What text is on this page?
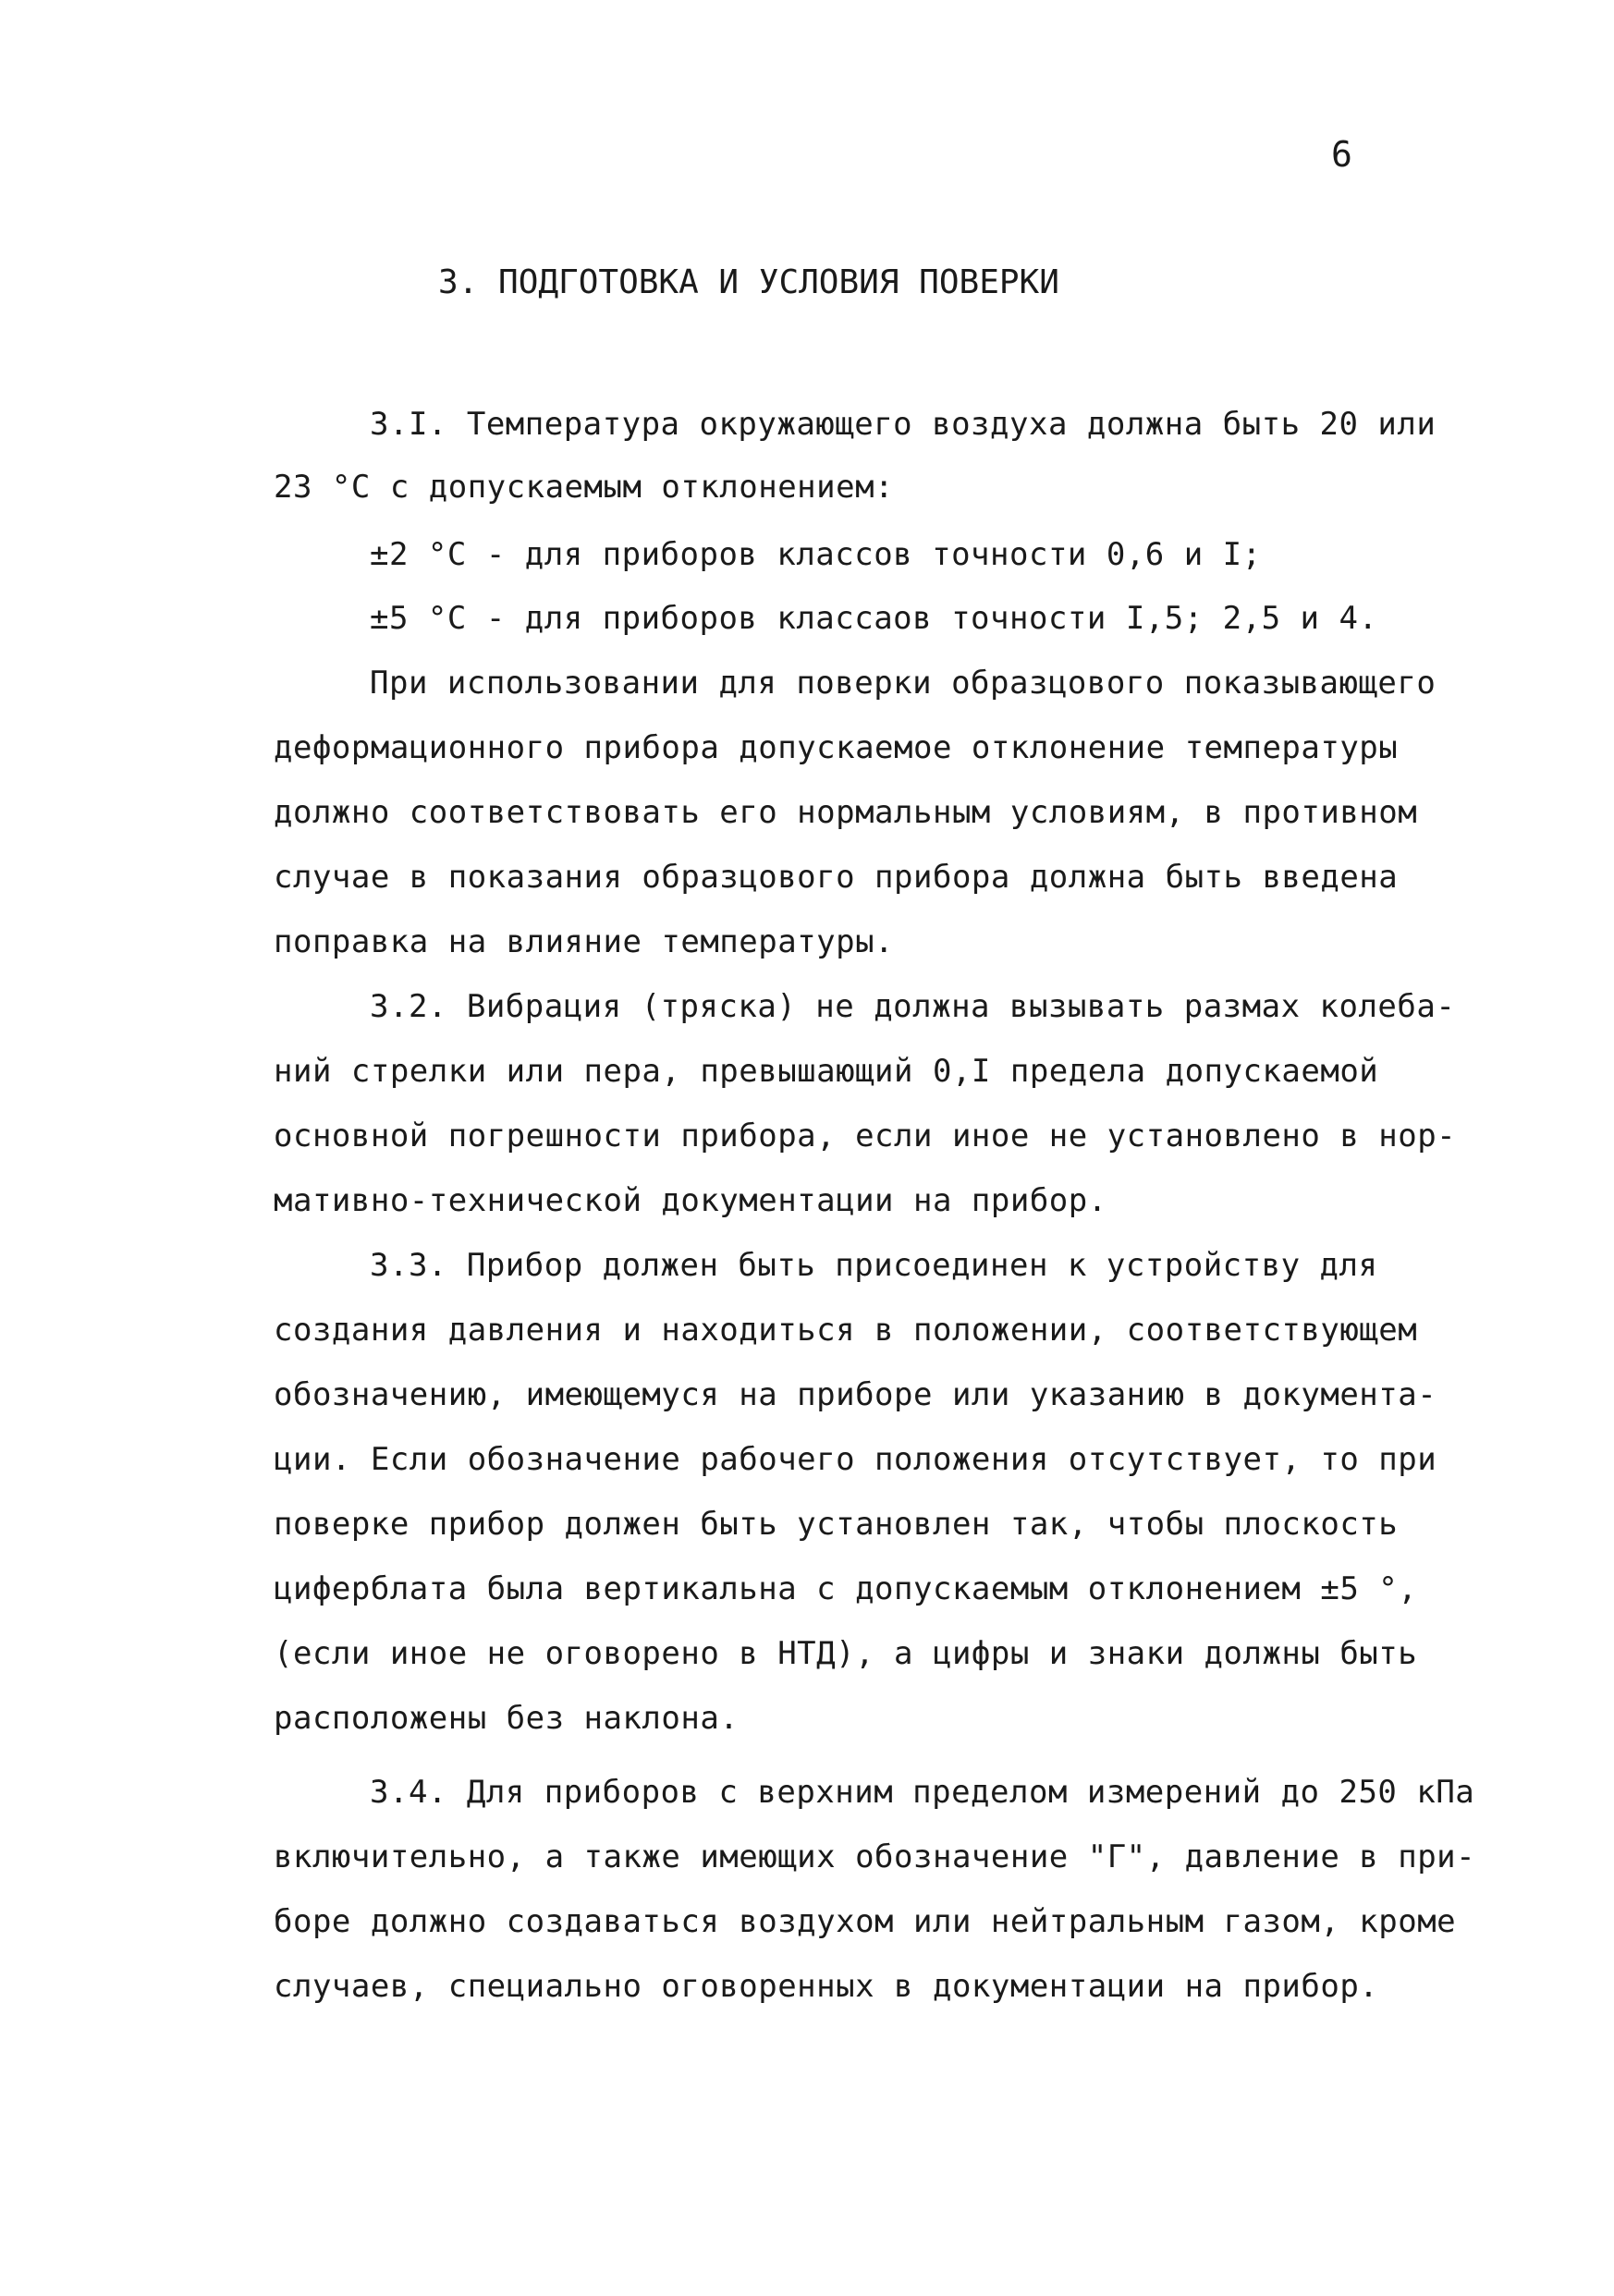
6
3. ПОДГОТОВКА И УСЛОВИЯ ПОВЕРКИ
3.I. Температура окружающего воздуха должна быть 20 или
23 °С с допускаемым отклонением:
±2 °С - для приборов классов точности 0,6 и I;
±5 °С - для приборов классаов точности I,5; 2,5 и 4.
При использовании для поверки образцового показывающего
деформационного прибора допускаемое отклонение температуры
должно соответствовать его нормальным условиям, в противном
случае в показания образцового прибора должна быть введена
поправка на влияние температуры.
3.2. Вибрация (тряска) не должна вызывать размах колеба-
ний стрелки или пера, превышающий 0,I предела допускаемой
основной погрешности прибора, если иное не установлено в нор-
мативно-технической документации на прибор.
3.3. Прибор должен быть присоединен к устройству для
создания давления и находиться в положении, соответствующем
обозначению, имеющемуся на приборе или указанию в документа-
ции. Если обозначение рабочего положения отсутствует, то при
поверке прибор должен быть установлен так, чтобы плоскость
циферблата была вертикальна с допускаемым отклонением ±5 °,
(если иное не оговорено в НТД), а цифры и знаки должны быть
расположены без наклона.
3.4. Для приборов с верхним пределом измерений до 250 кПа
включительно, а также имеющих обозначение "Г", давление в при-
боре должно создаваться воздухом или нейтральным газом, кроме
случаев, специально оговоренных в документации на прибор.
